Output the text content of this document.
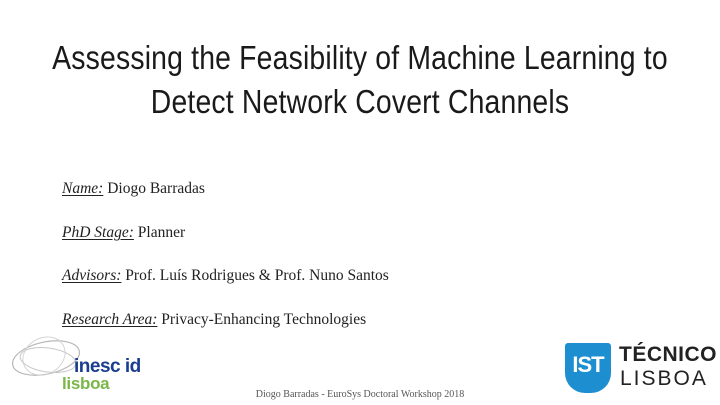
Assessing the Feasibility of Machine Learning to
Detect Network Covert Channels
Name: Diogo Barradas
PhD Stage: Planner
Advisors: Prof. Luís Rodrigues & Prof. Nuno Santos
Research Area: Privacy-Enhancing Technologies
inesc id
lisboa
IST TÉCNICO
LISBOA
Diogo Barradas - EuroSys Doctoral Workshop 2018
